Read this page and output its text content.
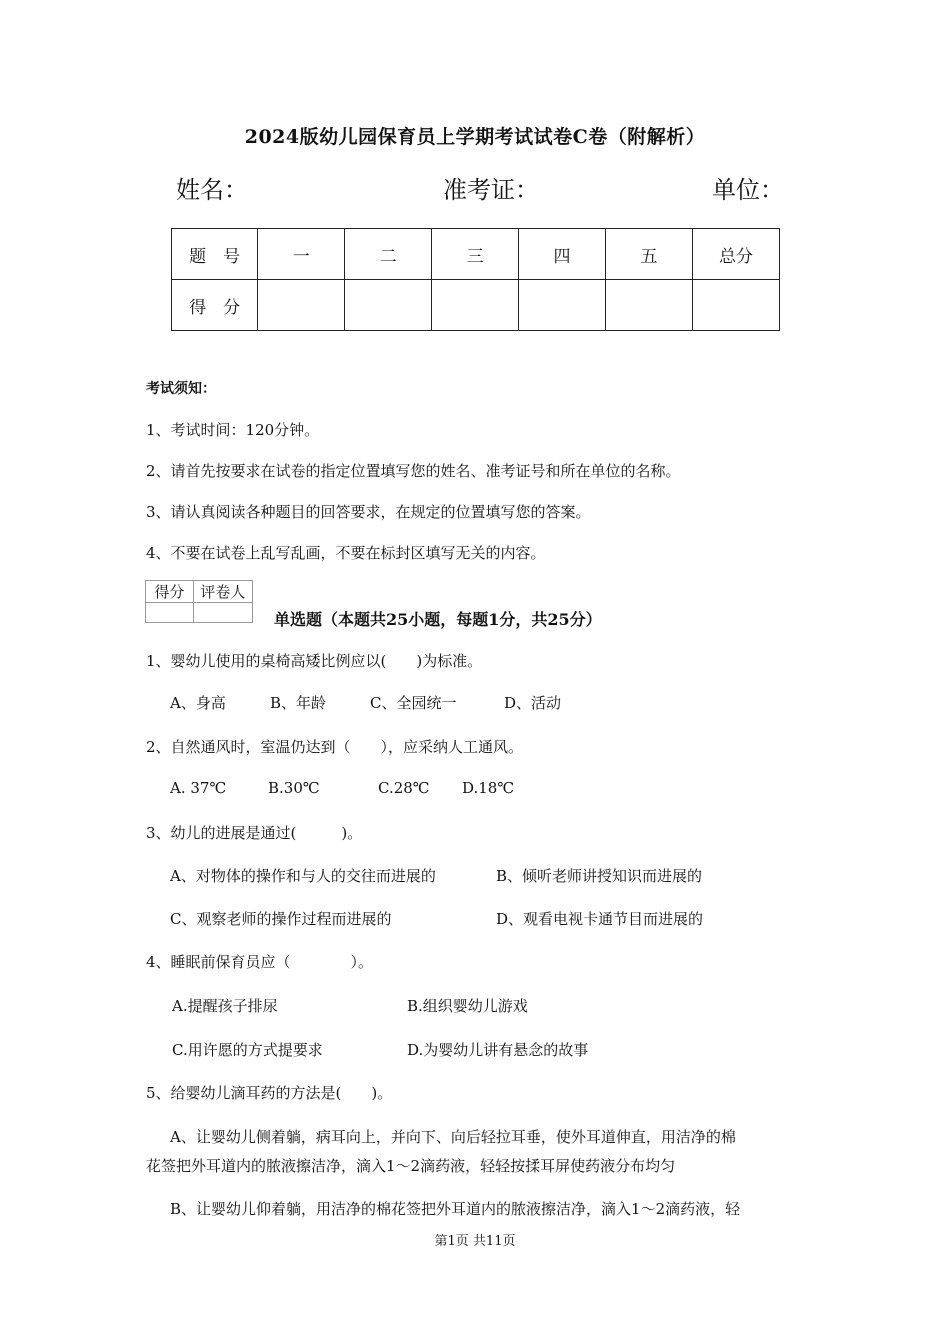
2024版幼儿园保育员上学期考试试卷C卷（附解析）
姓名：	准考证：	单位：
题　号	一	二	三	四	五	总分
得　分						
考试须知：
1、考试时间：120分钟。
2、请首先按要求在试卷的指定位置填写您的姓名、准考证号和所在单位的名称。
3、请认真阅读各种题目的回答要求，在规定的位置填写您的答案。
4、不要在试卷上乱写乱画，不要在标封区填写无关的内容。
得分	评卷人

单选题（本题共25小题，每题1分，共25分）
1、婴幼儿使用的桌椅高矮比例应以(　　)为标准。
A、身高	B、年龄	C、全园统一	D、活动
2、自然通风时，室温仍达到（　　），应采纳人工通风。
A. 37℃	B.30℃	C.28℃ D.18℃
3、幼儿的进展是通过(　　　)。
A、对物体的操作和与人的交往而进展的	B、倾听老师讲授知识而进展的
C、观察老师的操作过程而进展的	D、观看电视卡通节目而进展的
4、睡眠前保育员应（　　　　）。
A.提醒孩子排尿	B.组织婴幼儿游戏
C.用许愿的方式提要求	D.为婴幼儿讲有悬念的故事
5、给婴幼儿滴耳药的方法是(　　)。
A、让婴幼儿侧着躺，病耳向上，并向下、向后轻拉耳垂，使外耳道伸直，用洁净的棉
花签把外耳道内的脓液擦洁净，滴入1～2滴药液，轻轻按揉耳屏使药液分布均匀
B、让婴幼儿仰着躺，用洁净的棉花签把外耳道内的脓液擦洁净，滴入1～2滴药液，轻
第1页 共11页
